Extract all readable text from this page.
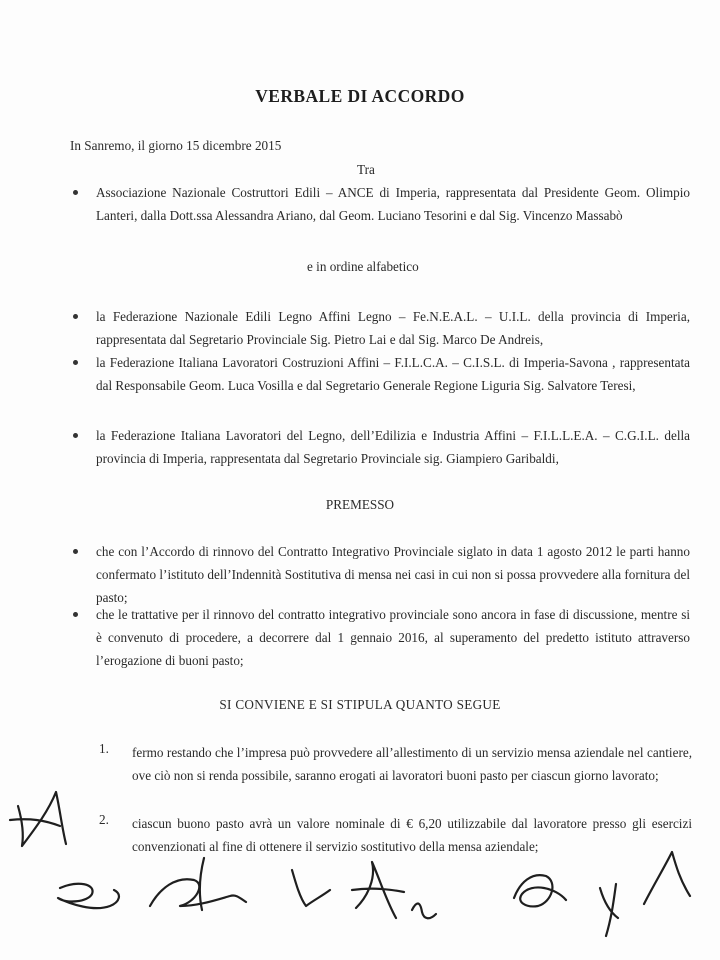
VERBALE DI ACCORDO
In Sanremo, il giorno 15 dicembre 2015
Tra
Associazione Nazionale Costruttori Edili – ANCE di Imperia, rappresentata dal Presidente Geom. Olimpio Lanteri, dalla Dott.ssa Alessandra Ariano, dal Geom. Luciano Tesorini e dal Sig. Vincenzo Massabò
e in ordine alfabetico
la Federazione Nazionale Edili Legno Affini Legno – Fe.N.E.A.L. – U.I.L. della provincia di Imperia, rappresentata dal Segretario Provinciale Sig. Pietro Lai e dal Sig. Marco De Andreis,
la Federazione Italiana Lavoratori Costruzioni Affini – F.I.L.C.A. – C.I.S.L. di Imperia-Savona , rappresentata dal Responsabile Geom. Luca Vosilla e dal Segretario Generale Regione Liguria Sig. Salvatore Teresi,
la Federazione Italiana Lavoratori del Legno, dell’Edilizia e Industria Affini – F.I.L.L.E.A. – C.G.I.L. della provincia di Imperia, rappresentata dal Segretario Provinciale sig. Giampiero Garibaldi,
PREMESSO
che con l’Accordo di rinnovo del Contratto Integrativo Provinciale siglato in data 1 agosto 2012 le parti hanno confermato l’istituto dell’Indennità Sostitutiva di mensa nei casi in cui non si possa provvedere alla fornitura del pasto;
che le trattative per il rinnovo del contratto integrativo provinciale sono ancora in fase di discussione, mentre si è convenuto di procedere, a decorrere dal 1 gennaio 2016, al superamento del predetto istituto attraverso l’erogazione di buoni pasto;
SI CONVIENE E SI STIPULA QUANTO SEGUE
1. fermo restando che l’impresa può provvedere all’allestimento di un servizio mensa aziendale nel cantiere, ove ciò non si renda possibile, saranno erogati ai lavoratori buoni pasto per ciascun giorno lavorato;
2. ciascun buono pasto avrà un valore nominale di € 6,20 utilizzabile dal lavoratore presso gli esercizi convenzionati al fine di ottenere il servizio sostitutivo della mensa aziendale;
